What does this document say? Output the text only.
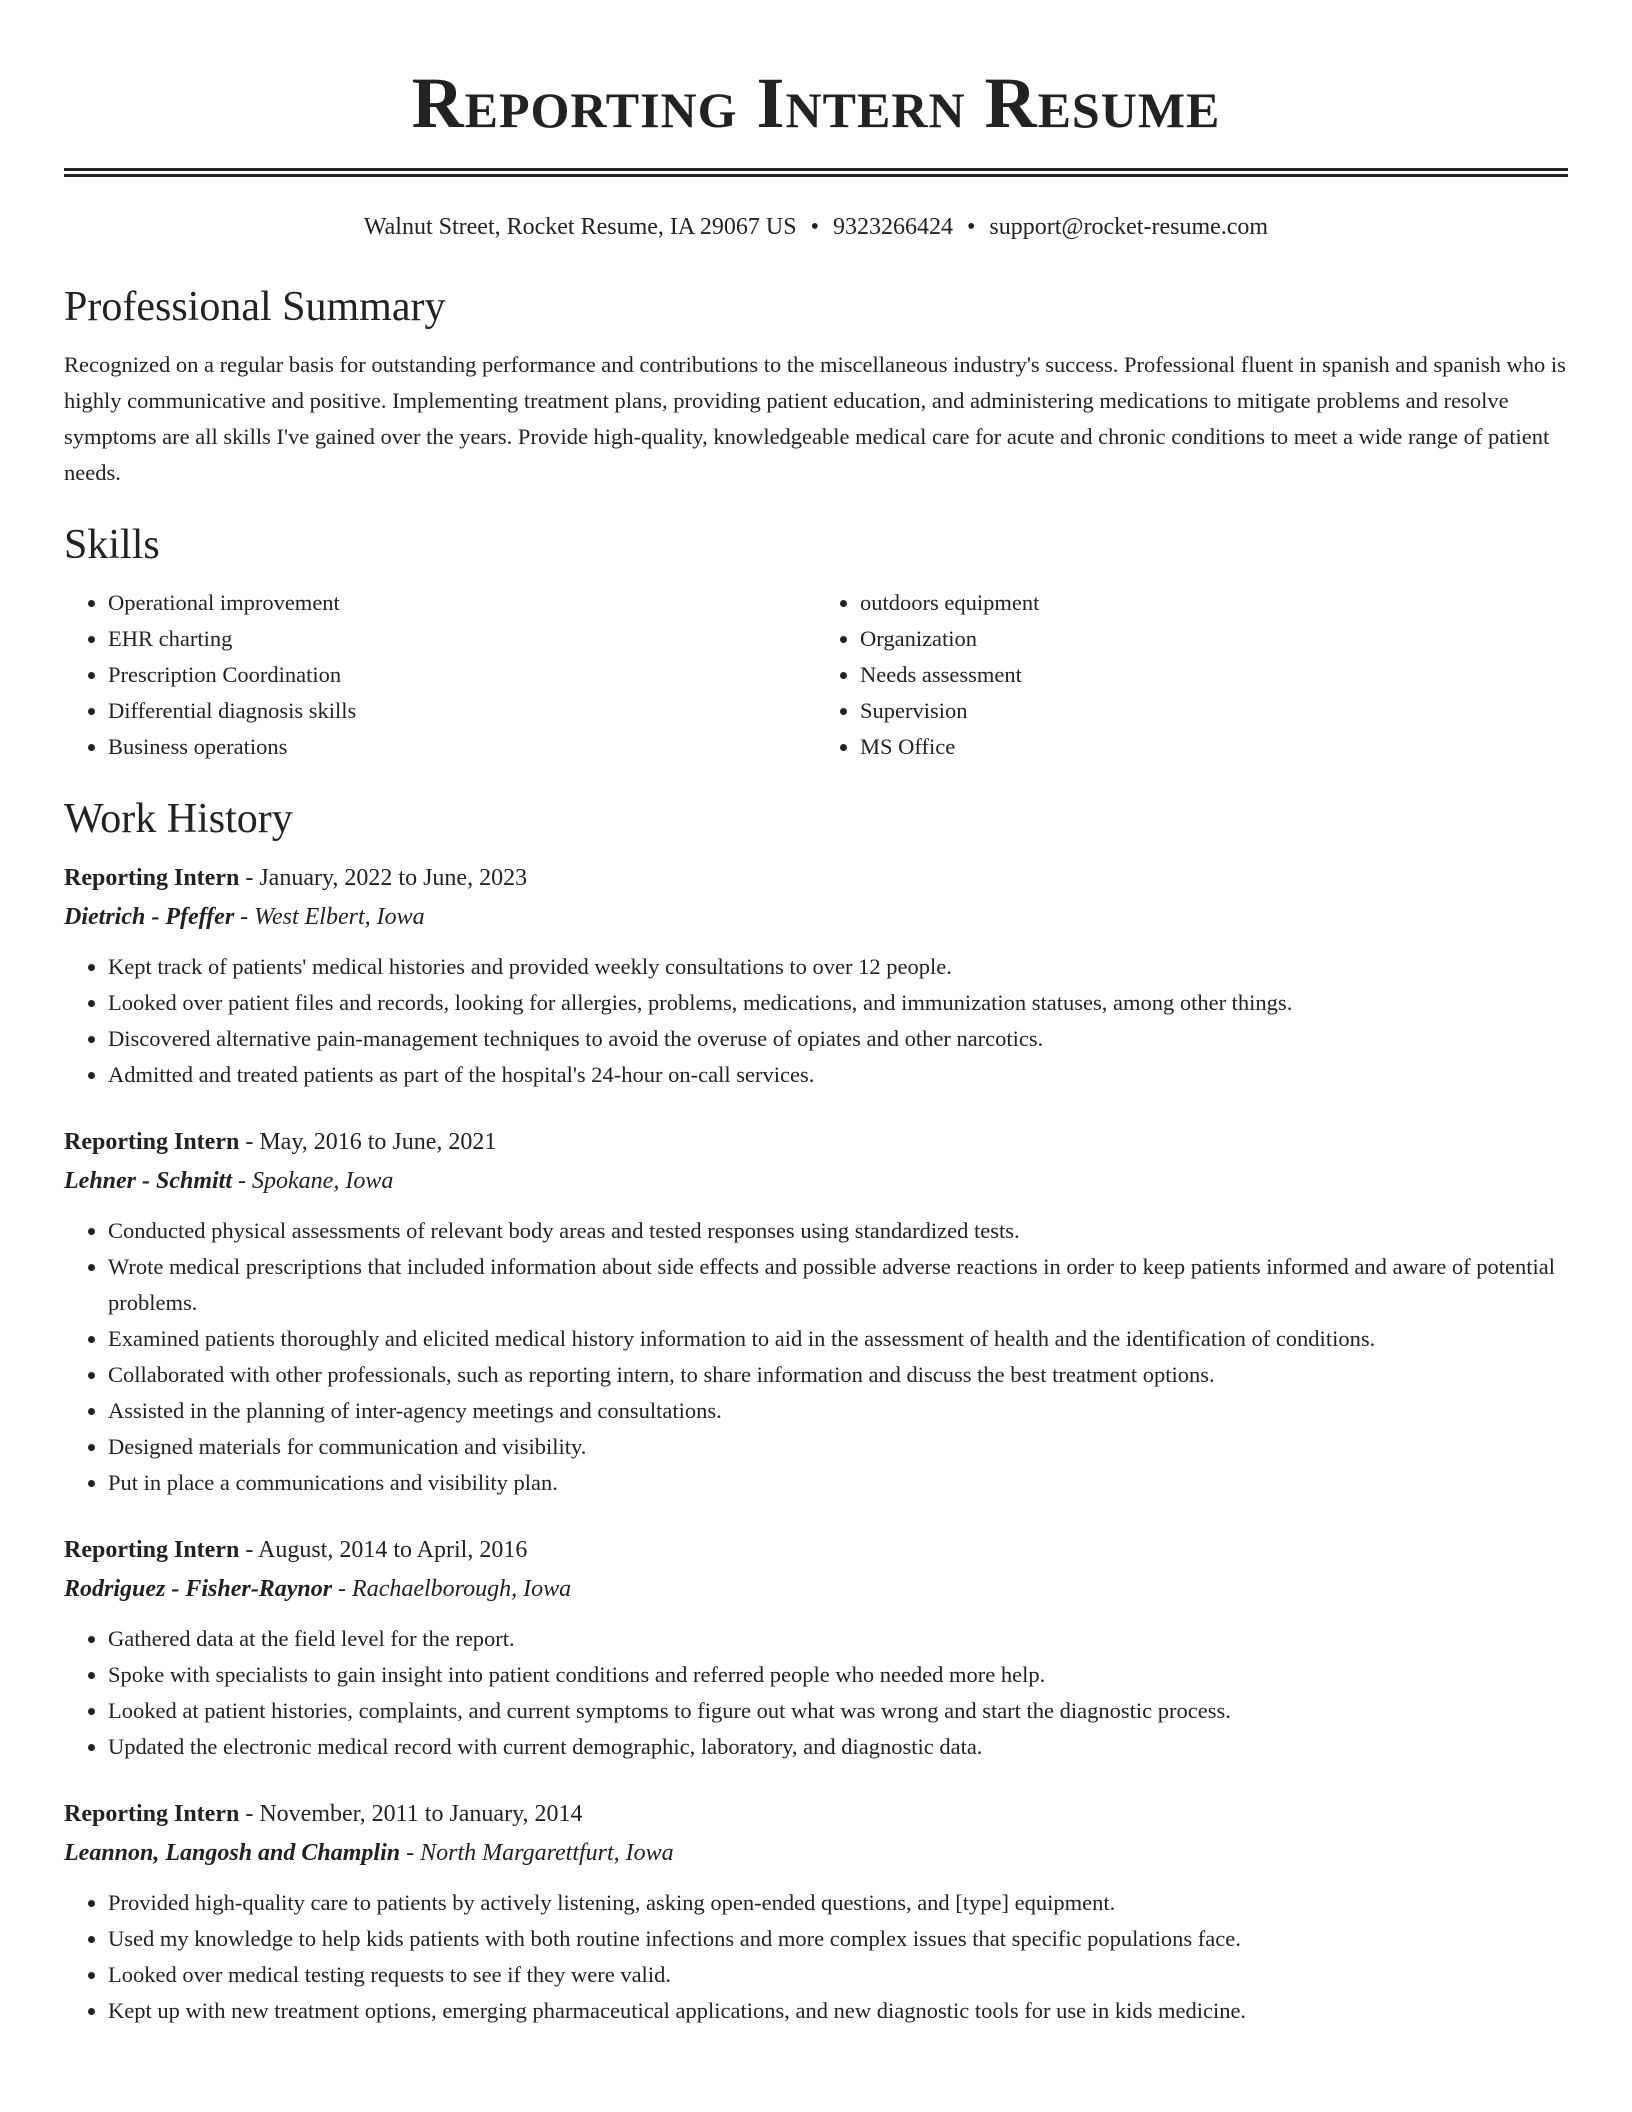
Reporting Intern Resume
Walnut Street, Rocket Resume, IA 29067 US • 9323266424 • support@rocket-resume.com
Professional Summary

Recognized on a regular basis for outstanding performance and contributions to the miscellaneous industry's success. Professional fluent in spanish and spanish who is highly communicative and positive. Implementing treatment plans, providing patient education, and administering medications to mitigate problems and resolve symptoms are all skills I've gained over the years. Provide high-quality, knowledgeable medical care for acute and chronic conditions to meet a wide range of patient needs.

Skills
• Operational improvement
• EHR charting
• Prescription Coordination
• Differential diagnosis skills
• Business operations
• outdoors equipment
• Organization
• Needs assessment
• Supervision
• MS Office
Work History
Reporting Intern - January, 2022 to June, 2023
Dietrich - Pfeffer - West Elbert, Iowa
• Kept track of patients' medical histories and provided weekly consultations to over 12 people.
• Looked over patient files and records, looking for allergies, problems, medications, and immunization statuses, among other things.
• Discovered alternative pain-management techniques to avoid the overuse of opiates and other narcotics.
• Admitted and treated patients as part of the hospital's 24-hour on-call services.
Reporting Intern - May, 2016 to June, 2021
Lehner - Schmitt - Spokane, Iowa
• Conducted physical assessments of relevant body areas and tested responses using standardized tests.
• Wrote medical prescriptions that included information about side effects and possible adverse reactions in order to keep patients informed and aware of potential problems.
• Examined patients thoroughly and elicited medical history information to aid in the assessment of health and the identification of conditions.
• Collaborated with other professionals, such as reporting intern, to share information and discuss the best treatment options.
• Assisted in the planning of inter-agency meetings and consultations.
• Designed materials for communication and visibility.
• Put in place a communications and visibility plan.
Reporting Intern - August, 2014 to April, 2016
Rodriguez - Fisher-Raynor - Rachaelborough, Iowa
• Gathered data at the field level for the report.
• Spoke with specialists to gain insight into patient conditions and referred people who needed more help.
• Looked at patient histories, complaints, and current symptoms to figure out what was wrong and start the diagnostic process.
• Updated the electronic medical record with current demographic, laboratory, and diagnostic data.
Reporting Intern - November, 2011 to January, 2014
Leannon, Langosh and Champlin - North Margarettfurt, Iowa
• Provided high-quality care to patients by actively listening, asking open-ended questions, and [type] equipment.
• Used my knowledge to help kids patients with both routine infections and more complex issues that specific populations face.
• Looked over medical testing requests to see if they were valid.
• Kept up with new treatment options, emerging pharmaceutical applications, and new diagnostic tools for use in kids medicine.
